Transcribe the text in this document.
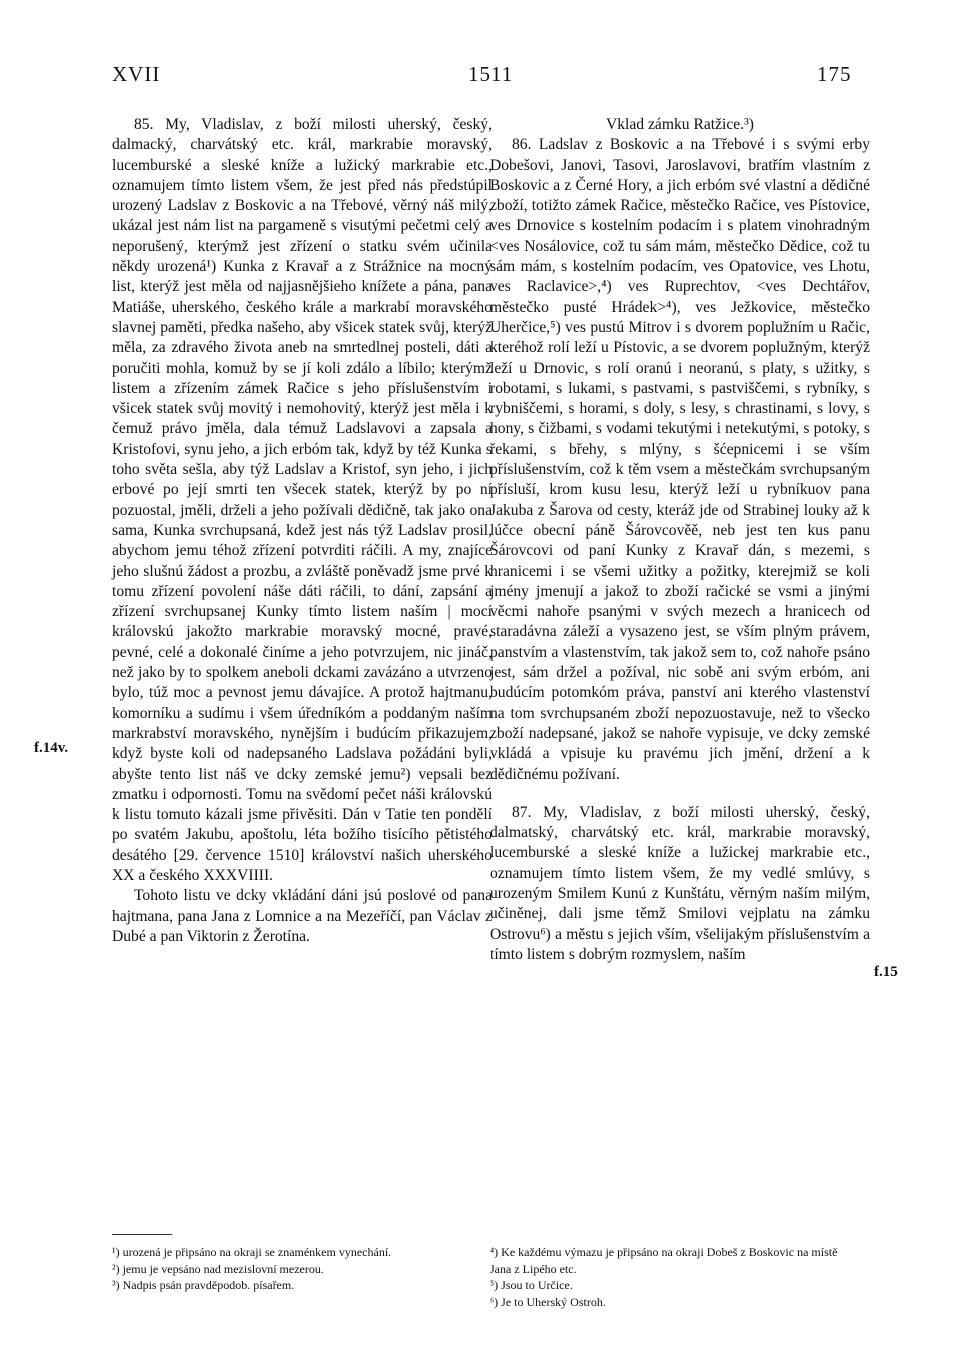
XVII	1511	175

85. My, Vladislav, z boží milosti uherský, český, dalmacký, charvátský etc. král, markrabie moravský, lucemburské a sleské kníže a lužický markrabie etc., oznamujem tímto listem všem, že jest před nás předstúpil urozený Ladslav z Boskovic a na Třebové, věrný náš milý, ukázal jest nám list na pargameně s visutými pečetmi celý a neporušený, kterýmž jest zřízení o statku svém učinila někdy urozená¹) Kunka z Kravař a z Strážnice na mocný list, kterýž jest měla od najjasnějšieho knížete a pána, pana Matiáše, uherského, českého krále a markrabí moravského slavnej paměti, předka našeho, aby všicek statek svůj, kterýž měla, za zdravého života aneb na smrtedlnej posteli, dáti a poručiti mohla, komuž by se jí koli zdálo a líbilo; kterýmž listem a zřízením zámek Račice s jeho příslušenstvím i všicek statek svůj movitý i nemohovitý, kterýž jest měla i k čemuž právo jměla, dala témuž Ladslavovi a zapsala a Kristofovi, synu jeho, a jich erbóm tak, když by též Kunka s toho světa sešla, aby týž Ladslav a Kristof, syn jeho, i jich erbové po její smrti ten všecek statek, kterýž by po ní pozuostal, jměli, drželi a jeho požívali dědičně, tak jako ona sama, Kunka svrchupsaná, kdež jest nás týž Ladslav prosil, abychom jemu téhož zřízení potvrditi ráčili. A my, znajíce jeho slušnú žádost a prozbu, a zvláště poněvadž jsme prvé k tomu zřízení povolení náše dáti ráčili, to dání, zapsání a zřízení svrchupsanej Kunky tímto listem naším | mocí královskú jakožto markrabie moravský mocné, pravé, pevné, celé a dokonalé činíme a jeho potvrzujem, nic jináč, než jako by to spolkem aneboli dckami zavázáno a utvrzeno bylo, túž moc a pevnost jemu dávajíce. A protož hajtmanu, komorníku a sudímu i všem úředníkóm a poddaným naším markrabství moravského, nynějším i budúcím přikazujem, když byste koli od nadepsaného Ladslava požádáni byli, abyšte tento list náš ve dcky zemské jemu²) vepsali bez zmatku i odpornosti. Tomu na svědomí pečet náši královskú k listu tomuto kázali jsme přivěsiti. Dán v Tatie ten pondělí po svatém Jakubu, apoštolu, léta božího tisícího pětistého desátého [29. července 1510] království našich uherského XX a českého XXXVIIII.

Tohoto listu ve dcky vkládání dáni jsú poslové od pana hajtmana, pana Jana z Lomnice a na Mezeříčí, pan Václav z Dubé a pan Viktorin z Žerotína.

f.14v.
Vklad zámku Ratžice.³)

86. Ladslav z Boskovic a na Třebové i s svými erby Dobešovi, Janovi, Tasovi, Jaroslavovi, bratřím vlastním z Boskovic a z Černé Hory, a jich erbóm své vlastní a dědičné zboží, totižto zámek Račice, městečko Račice, ves Pístovice, ves Drnovice s kostelním podacím i s platem vinohradným <ves Nosálovice, což tu sám mám, městečko Dědice, což tu sám mám, s kostelním podacím, ves Opatovice, ves Lhotu, ves Raclavice>,⁴) ves Ruprechtov, <ves Dechtářov, městečko pusté Hrádek>⁴), ves Ježkovice, městečko Uherčice,⁵) ves pustú Mitrov i s dvorem poplužním u Račic, kteréhož rolí leží u Pístovic, a se dvorem poplužným, kterýž leží u Drnovic, s rolí oranú i neoranú, s platy, s užitky, s robotami, s lukami, s pastvami, s pastviščemi, s rybníky, s rybniščemi, s horami, s doly, s lesy, s chrastinami, s lovy, s hony, s čižbami, s vodami tekutými i netekutými, s potoky, s řekami, s břehy, s mlýny, s šćepnicemi i se vším příslušenstvím, což k těm vsem a městečkám svrchupsaným přísluší, krom kusu lesu, kterýž leží u rybníkuov pana Jakuba z Šarova od cesty, kteráž jde od Strabinej louky až k lúčce obecní páně Šárovcověě, neb jest ten kus panu Šárovcovi od paní Kunky z Kravař dán, s mezemi, s hranicemi i se všemi užitky a požitky, kterejmiž se koli jmény jmenují a jakož to zboží račické se vsmi a jinými věcmi nahoře psanými v svých mezech a hranicech od staradávna záleží a vysazeno jest, se vším plným právem, panstvím a vlastenstvím, tak jakož sem to, což nahoře psáno jest, sám držel a požíval, nic sobě ani svým erbóm, ani budúcím potomkóm práva, panství ani kterého vlastenství na tom svrchupsaném zboží nepozuostavuje, než to všecko zboží nadepsané, jakož se nahoře vypisuje, ve dcky zemské vkládá a vpisuje ku pravému jich jmění, držení a k dědičnému požívaní.

87. My, Vladislav, z boží milosti uherský, český, dalmatský, charvátský etc. král, markrabie moravský, lucemburské a sleské kníže a lužickej markrabie etc., oznamujem tímto listem všem, že my vedlé smlúvy, s urozeným Smilem Kunú z Kunštátu, věrným naším milým, učiněnej, dali jsme těmž Smilovi vejplatu na zámku Ostrovu⁶) a městu s jejich vším, všelijakým příslušenstvím a tímto listem s dobrým rozmyslem, naším

f.15

¹) urozená je připsáno na okraji se znaménkem vynechání.

²) jemu je vepsáno nad mezislovní mezerou.

³) Nadpis psán pravděpodob. písařem.

⁴) Ke každému výmazu je připsáno na okraji Dobeš z Boskovic na místě Jana z Lipého etc.

⁵) Jsou to Určice.

⁶) Je to Uherský Ostroh.
